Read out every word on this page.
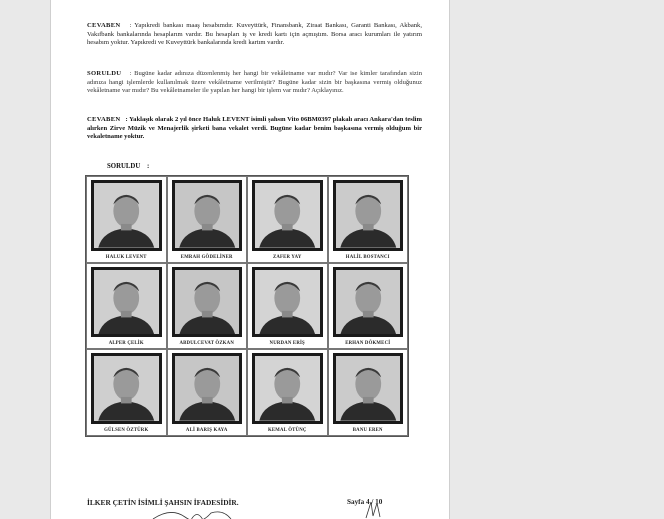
CEVABEN : Yapıkredi bankası maaş hesabımdır. Kuveyttürk, Finansbank, Ziraat Bankası, Garanti Bankası, Akbank, Vakıfbank bankalarında hesaplarım vardır. Bu hesapları iş ve kredi kartı için açmıştım. Borsa aracı kurumları ile yatırım hesabım yoktur. Yapıkredi ve Kuveyttürk bankalarında kredi kartım vardır.
SORULDU : Bugüne kadar adınıza düzenlenmiş her hangi bir vekâletname var mıdır? Var ise kimler tarafından sizin adınıza hangi işlemlerde kullanılmak üzere vekâletname verilmiştir? Bugüne kadar sizin bir başkasına vermiş olduğunuz vekâletname var mıdır? Bu vekâletnameler ile yapılan her hangi bir işlem var mıdır? Açıklayınız.
CEVABEN : Yaklaşık olarak 2 yıl önce Haluk LEVENT isimli şahsın Vito 06BM0397 plakalı aracı Ankara'dan teslim alırken Zirve Müzik ve Menajerlik şirketi bana vekalet verdi. Bugüne kadar benim başkasına vermiş olduğum bir vekaletname yoktur.
SORULDU :
HALUK LEVENT	EMRAH GÖDELİNER	ZAFER YAY	HALİL BOSTANCI
ALPER ÇELİK	ABDULCEVAT ÖZKAN	NURDAN ERİŞ	ERHAN DÖKMECİ
GÜLSEN ÖZTÜRK	ALİ BARIŞ KAYA	KEMAL ÖTÜNÇ	BANU EREN
İLKER ÇETİN İSİMLİ ŞAHSIN İFADESİDİR.	Sayfa 4 / 10
